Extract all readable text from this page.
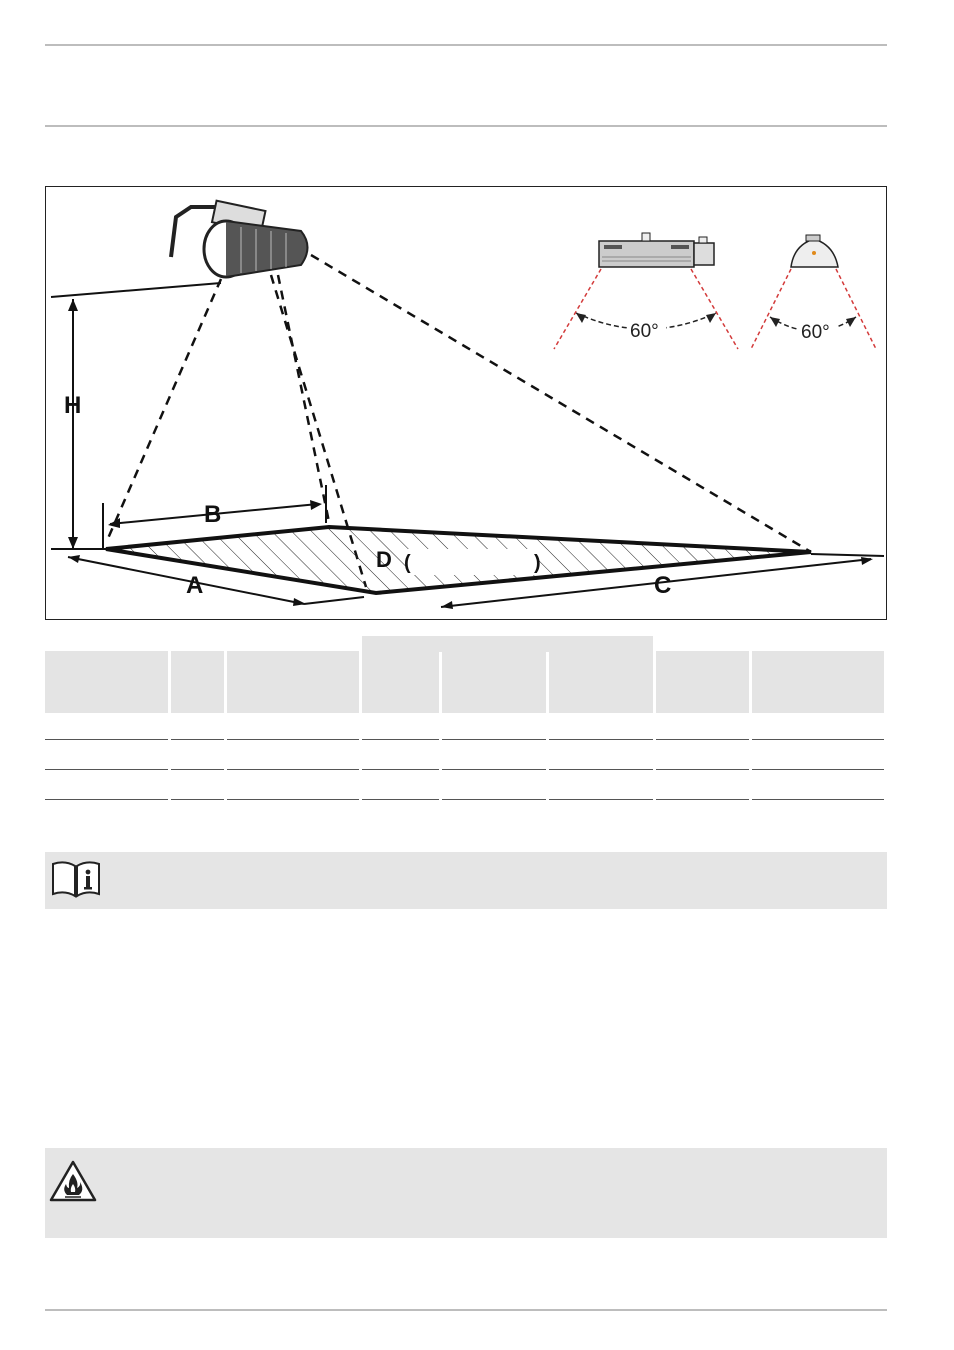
H
D (	)
B
A	C
60°	60°
